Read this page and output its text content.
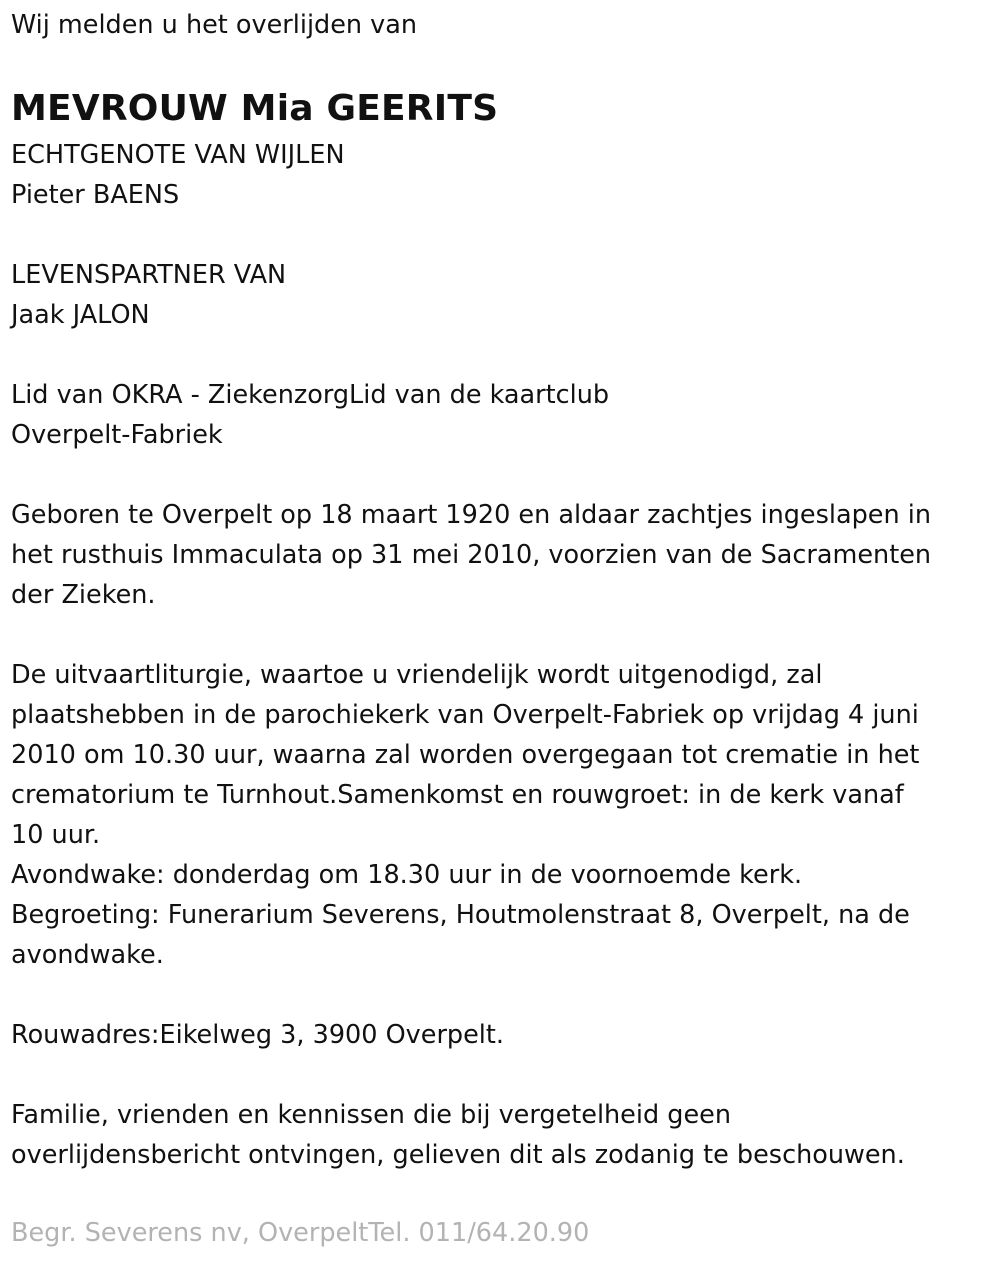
Wij melden u het overlijden van

MEVROUW Mia GEERITS

ECHTGENOTE VAN WIJLEN

Pieter BAENS

LEVENSPARTNER VAN

Jaak JALON

Lid van OKRA - ZiekenzorgLid van de kaartclub

Overpelt-Fabriek

Geboren te Overpelt op 18 maart 1920 en aldaar zachtjes ingeslapen in

het rusthuis Immaculata op 31 mei 2010, voorzien van de Sacramenten

der Zieken.

De uitvaartliturgie, waartoe u vriendelijk wordt uitgenodigd, zal

plaatshebben in de parochiekerk van Overpelt-Fabriek op vrijdag 4 juni

2010 om 10.30 uur, waarna zal worden overgegaan tot crematie in het

crematorium te Turnhout.Samenkomst en rouwgroet: in de kerk vanaf

10 uur.

Avondwake: donderdag om 18.30 uur in de voornoemde kerk.

Begroeting: Funerarium Severens, Houtmolenstraat 8, Overpelt, na de

avondwake.

Rouwadres:Eikelweg 3, 3900 Overpelt.

Familie, vrienden en kennissen die bij vergetelheid geen

overlijdensbericht ontvingen, gelieven dit als zodanig te beschouwen.

Begr. Severens nv, OverpeltTel. 011/64.20.90
